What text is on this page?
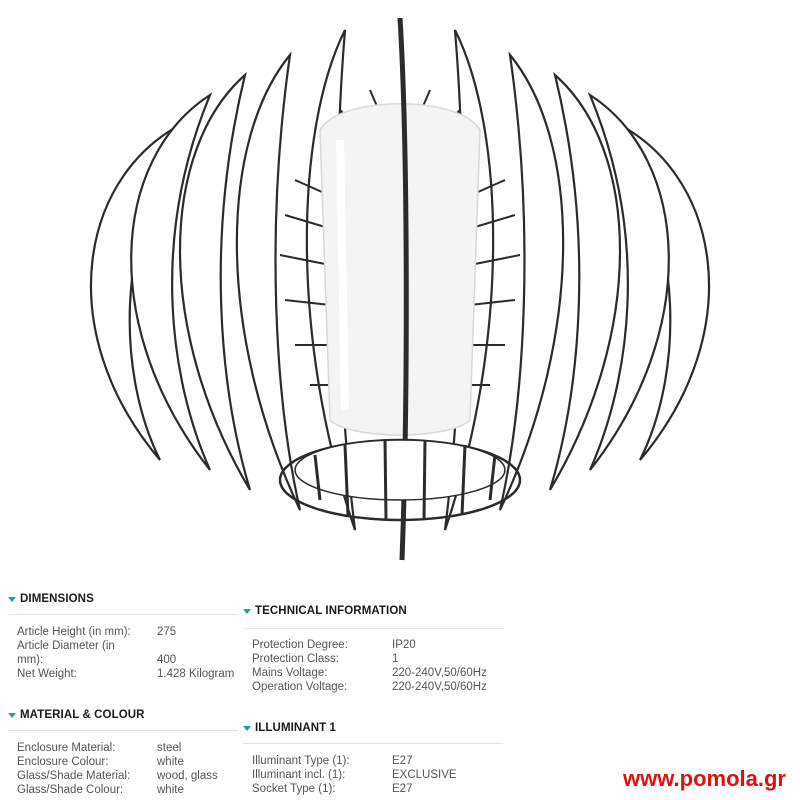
DIMENSIONS
Article Height (in mm):	275
Article Diameter (in mm):	400
Net Weight:	1.428 Kilogram
TECHNICAL INFORMATION
Protection Degree:	IP20
Protection Class:	1
Mains Voltage:	220-240V,50/60Hz
Operation Voltage:	220-240V,50/60Hz
MATERIAL & COLOUR
Enclosure Material:	steel
Enclosure Colour:	white
Glass/Shade Material:	wood, glass
Glass/Shade Colour:	white
ILLUMINANT 1
Illuminant Type (1):	E27
Illuminant incl. (1):	EXCLUSIVE
Socket Type (1):	E27	www.pomola.gr
